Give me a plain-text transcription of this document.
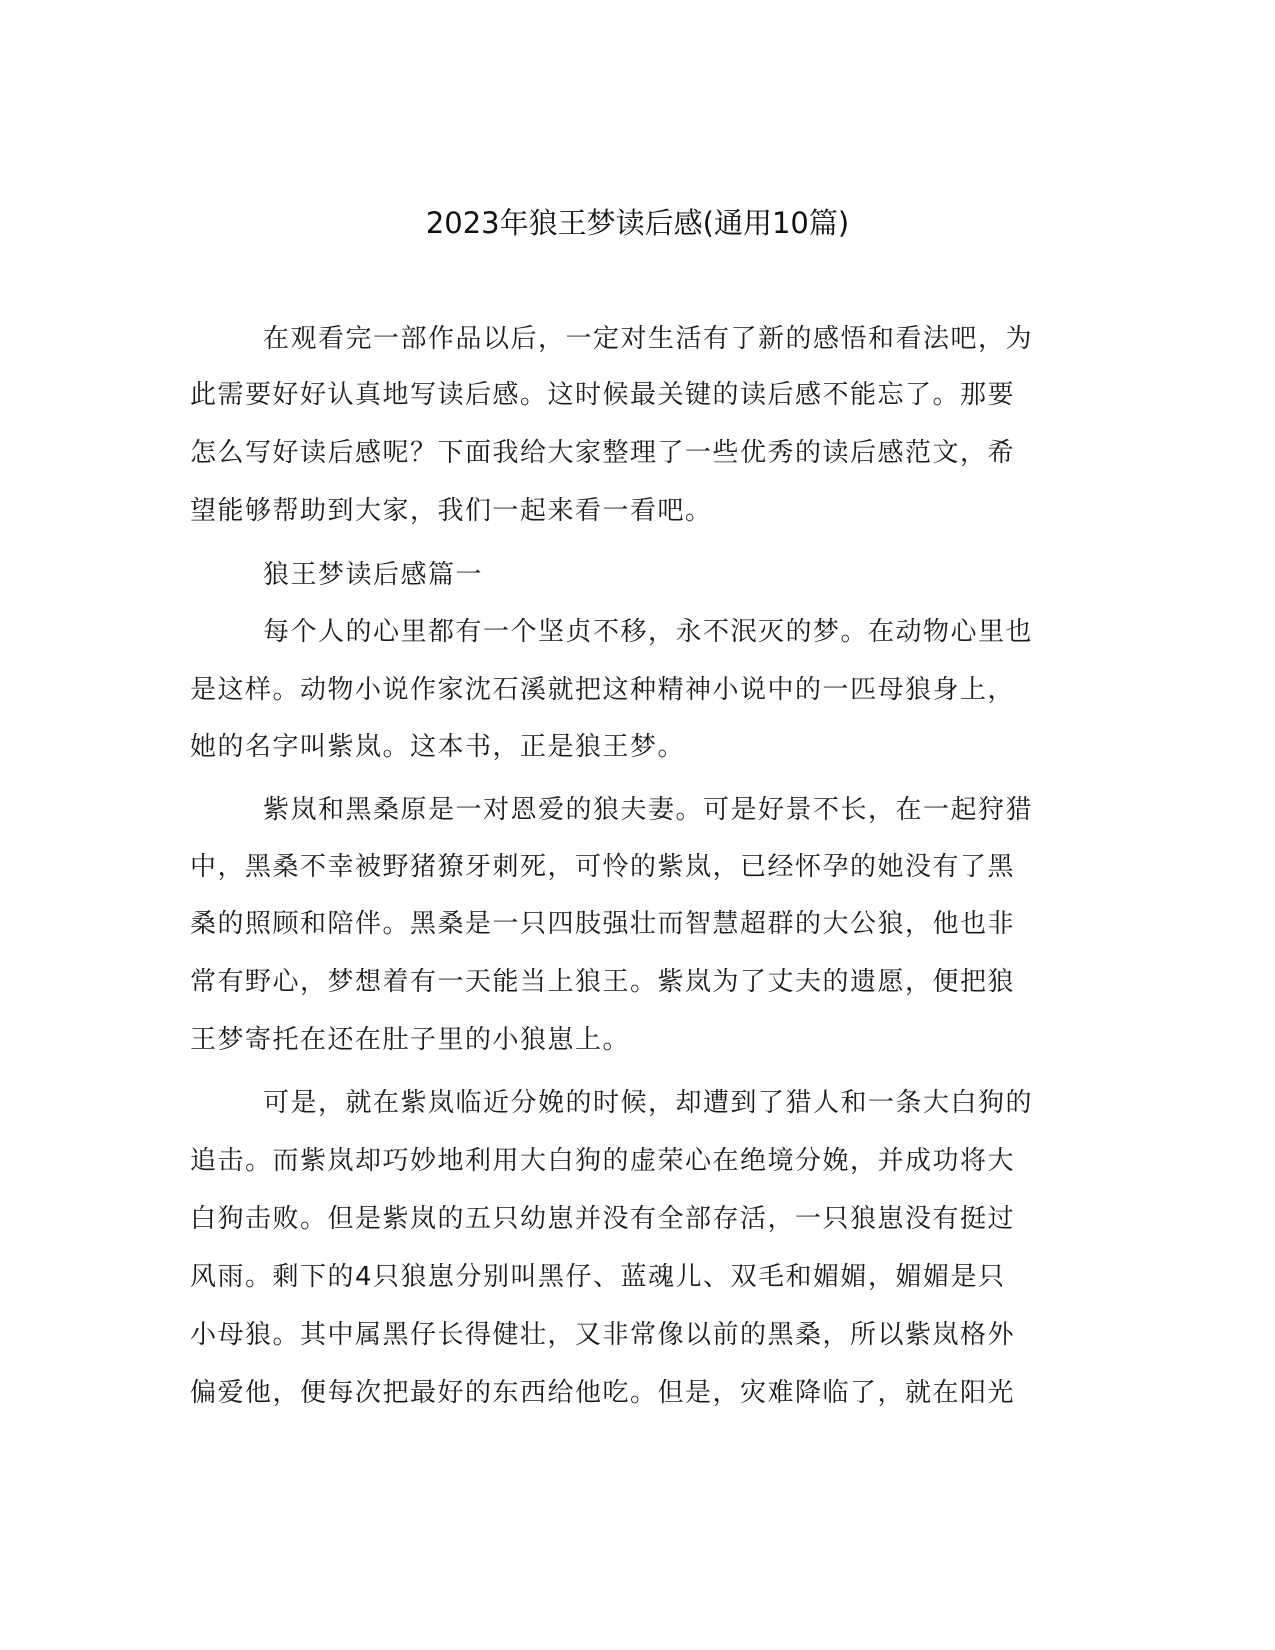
2023年狼王梦读后感(通用10篇)
在观看完一部作品以后，一定对生活有了新的感悟和看法吧，为
此需要好好认真地写读后感。这时候最关键的读后感不能忘了。那要
怎么写好读后感呢？下面我给大家整理了一些优秀的读后感范文，希
望能够帮助到大家，我们一起来看一看吧。
狼王梦读后感篇一
每个人的心里都有一个坚贞不移，永不泯灭的梦。在动物心里也
是这样。动物小说作家沈石溪就把这种精神小说中的一匹母狼身上，
她的名字叫紫岚。这本书，正是狼王梦。
紫岚和黑桑原是一对恩爱的狼夫妻。可是好景不长，在一起狩猎
中，黑桑不幸被野猪獠牙刺死，可怜的紫岚，已经怀孕的她没有了黑
桑的照顾和陪伴。黑桑是一只四肢强壮而智慧超群的大公狼，他也非
常有野心，梦想着有一天能当上狼王。紫岚为了丈夫的遗愿，便把狼
王梦寄托在还在肚子里的小狼崽上。
可是，就在紫岚临近分娩的时候，却遭到了猎人和一条大白狗的
追击。而紫岚却巧妙地利用大白狗的虚荣心在绝境分娩，并成功将大
白狗击败。但是紫岚的五只幼崽并没有全部存活，一只狼崽没有挺过
风雨。剩下的4只狼崽分别叫黑仔、蓝魂儿、双毛和媚媚，媚媚是只
小母狼。其中属黑仔长得健壮，又非常像以前的黑桑，所以紫岚格外
偏爱他，便每次把最好的东西给他吃。但是，灾难降临了，就在阳光
